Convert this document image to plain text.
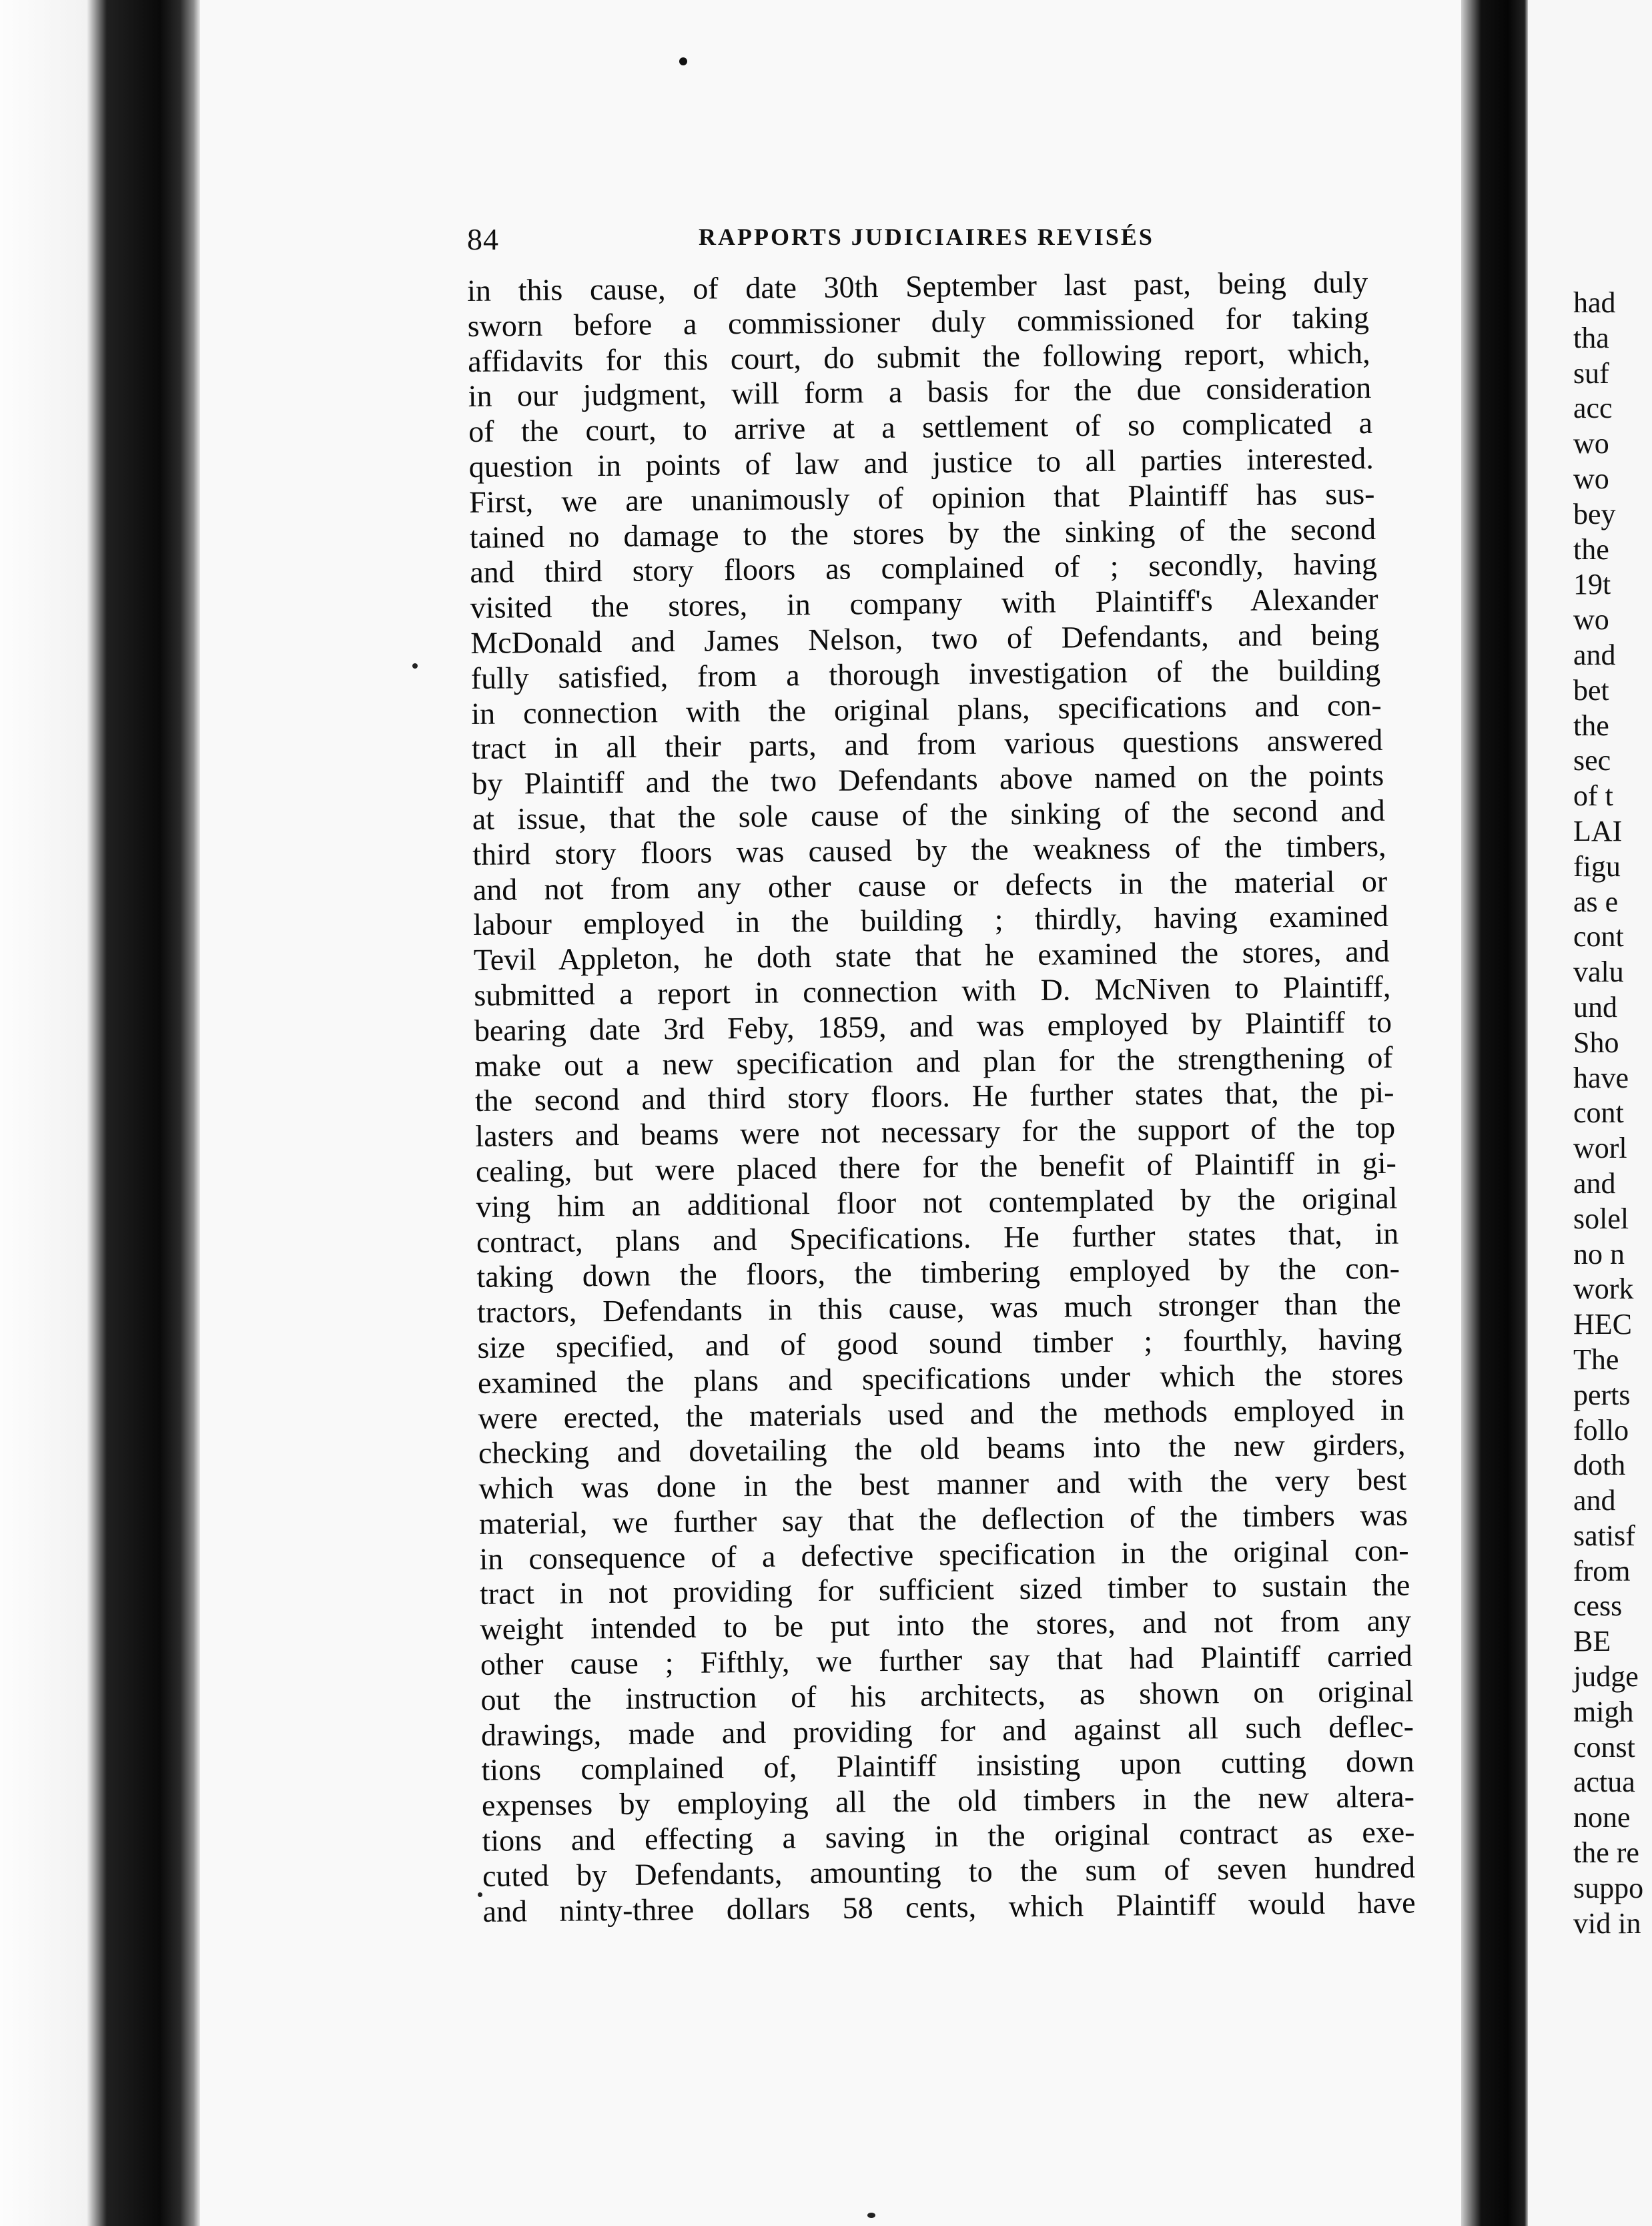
had
tha
suf
acc
wo
wo
bey
the
19t
wo
and
bet
the
sec
of t
LAI
figu
as e
cont
valu
und
Sho
have
cont
worl
and
solel
no n
work
HEC
The
perts
follo
doth
and
satisf
from
cess
BE
judge
migh
const
actua
none
the re
suppo
vid in
84	RAPPORTS JUDICIAIRES REVISÉS
in this cause, of date 30th September last past, being duly
sworn before a commissioner duly commissioned for taking
affidavits for this court, do submit the following report, which,
in our judgment, will form a basis for the due consideration
of the court, to arrive at a settlement of so complicated a
question in points of law and justice to all parties interested.
First, we are unanimously of opinion that Plaintiff has sus-
tained no damage to the stores by the sinking of the second
and third story floors as complained of ; secondly, having
visited the stores, in company with Plaintiff's Alexander
McDonald and James Nelson, two of Defendants, and being
fully satisfied, from a thorough investigation of the building
in connection with the original plans, specifications and con-
tract in all their parts, and from various questions answered
by Plaintiff and the two Defendants above named on the points
at issue, that the sole cause of the sinking of the second and
third story floors was caused by the weakness of the timbers,
and not from any other cause or defects in the material or
labour employed in the building ; thirdly, having examined
Tevil Appleton, he doth state that he examined the stores, and
submitted a report in connection with D. McNiven to Plaintiff,
bearing date 3rd Feby, 1859, and was employed by Plaintiff to
make out a new specification and plan for the strengthening of
the second and third story floors. He further states that, the pi-
lasters and beams were not necessary for the support of the top
cealing, but were placed there for the benefit of Plaintiff in gi-
ving him an additional floor not contemplated by the original
contract, plans and Specifications. He further states that, in
taking down the floors, the timbering employed by the con-
tractors, Defendants in this cause, was much stronger than the
size specified, and of good sound timber ; fourthly, having
examined the plans and specifications under which the stores
were erected, the materials used and the methods employed in
checking and dovetailing the old beams into the new girders,
which was done in the best manner and with the very best
material, we further say that the deflection of the timbers was
in consequence of a defective specification in the original con-
tract in not providing for sufficient sized timber to sustain the
weight intended to be put into the stores, and not from any
other cause ; Fifthly, we further say that had Plaintiff carried
out the instruction of his architects, as shown on original
drawings, made and providing for and against all such deflec-
tions complained of, Plaintiff insisting upon cutting down
expenses by employing all the old timbers in the new altera-
tions and effecting a saving in the original contract as exe-
cuted by Defendants, amounting to the sum of seven hundred
and ninty-three dollars 58 cents, which Plaintiff would have
